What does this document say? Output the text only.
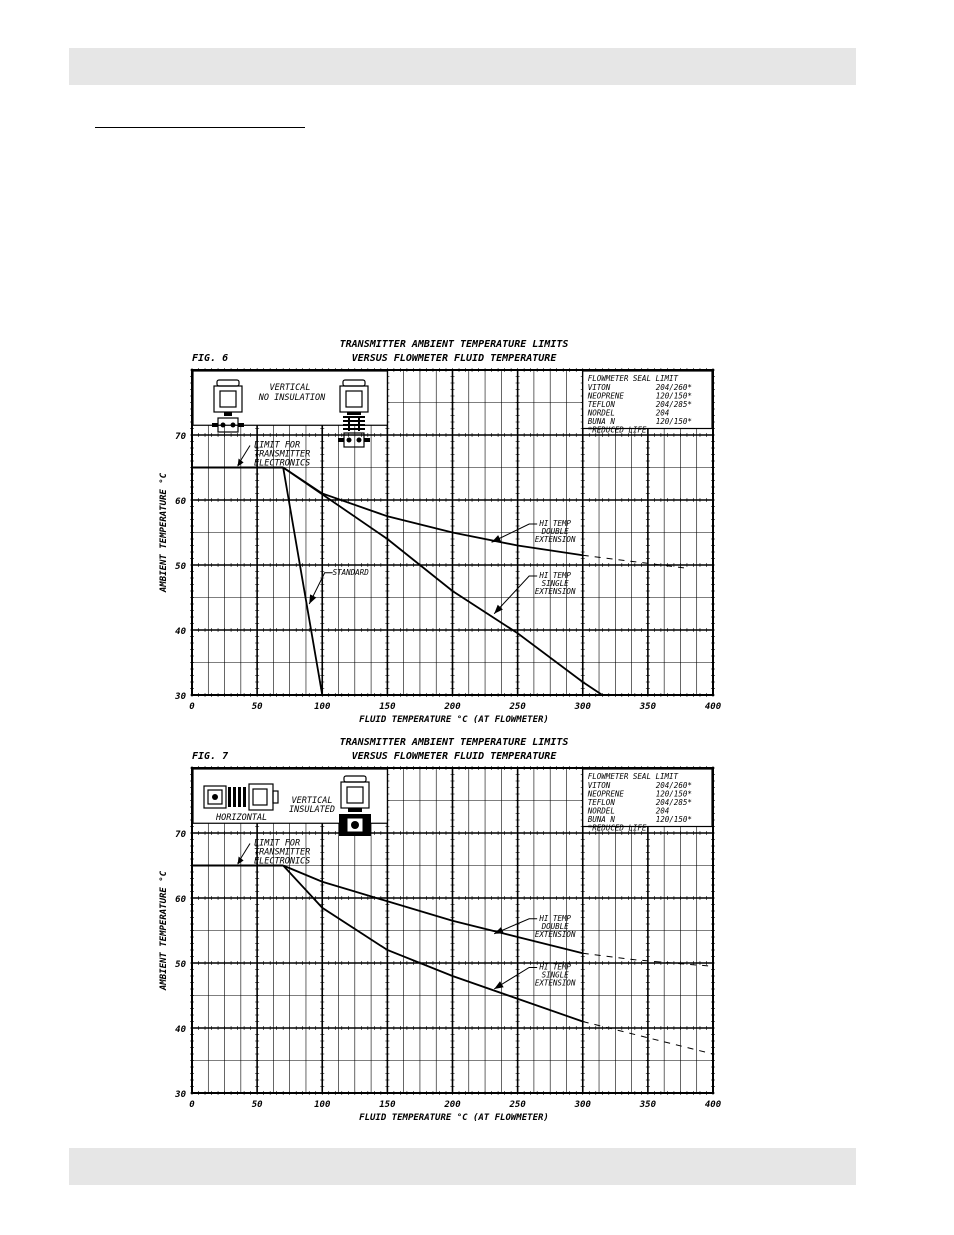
TRANSMITTER AMBIENT TEMPERATURE LIMITS
VERSUS FLOWMETER FLUID TEMPERATURE
FIG. 6
0	50	100	150	200	250	300	350	400
30
40
50
60
70
FLUID TEMPERATURE °C (AT FLOWMETER)
AMBIENT TEMPERATURE °C
FLOWMETER SEAL LIMIT
VITON	204/260*
NEOPRENE	120/150*
TEFLON	204/285*
NORDEL	204
BUNA N	120/150*
*REDUCED LIFE
VERTICAL
NO INSULATION
LIMIT FOR
TRANSMITTER
ELECTRONICS
HI TEMP
DOUBLE
EXTENSION
HI TEMP
SINGLE
EXTENSION
STANDARD
TRANSMITTER AMBIENT TEMPERATURE LIMITS
VERSUS FLOWMETER FLUID TEMPERATURE
FIG. 7
0	50	100	150	200	250	300	350	400
30
40
50
60
70
FLUID TEMPERATURE °C (AT FLOWMETER)
AMBIENT TEMPERATURE °C
FLOWMETER SEAL LIMIT
VITON	204/260*
NEOPRENE	120/150*
TEFLON	204/285*
NORDEL	204
BUNA N	120/150*
*REDUCED LIFE
HORIZONTAL
VERTICAL
INSULATED
LIMIT FOR
TRANSMITTER
ELECTRONICS
HI TEMP
DOUBLE
EXTENSION
HI TEMP
SINGLE
EXTENSION
